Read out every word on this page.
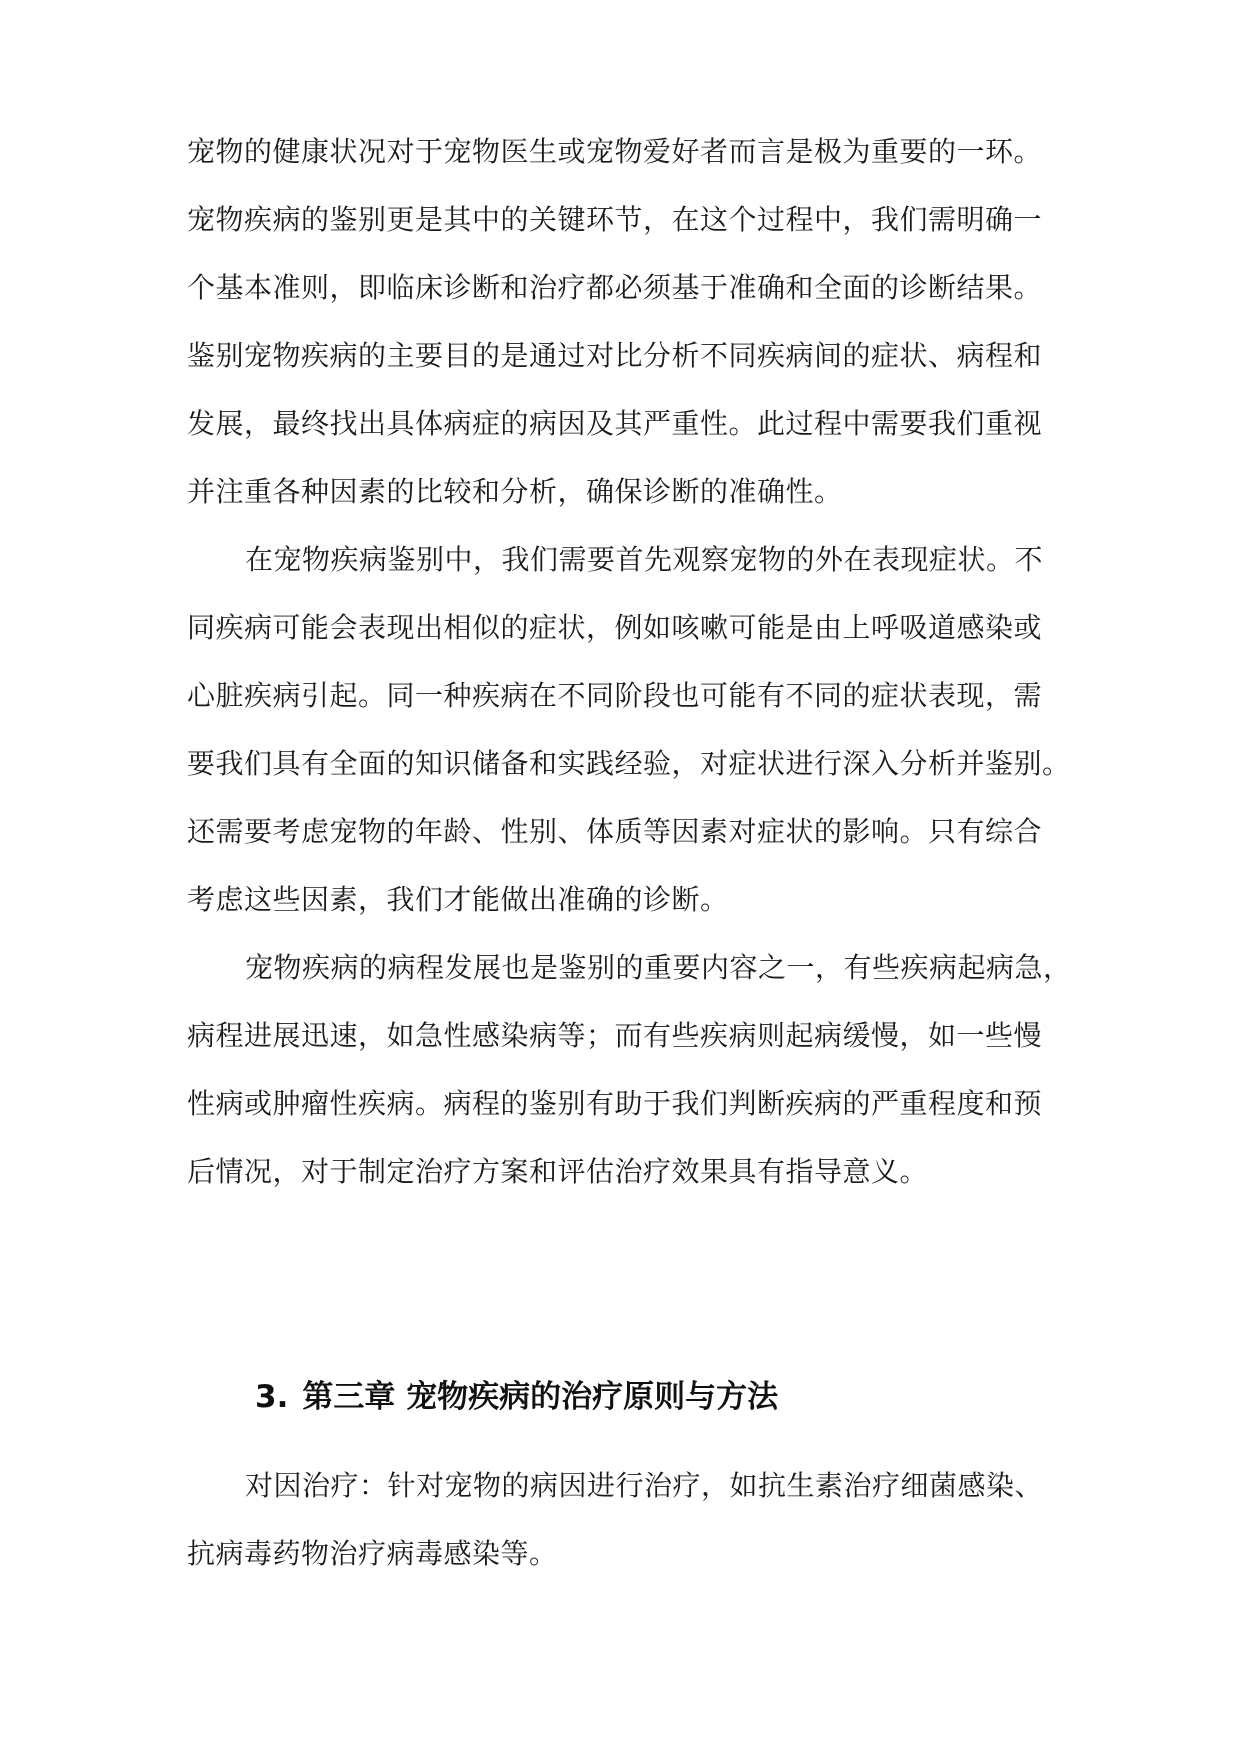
宠物的健康状况对于宠物医生或宠物爱好者而言是极为重要的一环。
宠物疾病的鉴别更是其中的关键环节，在这个过程中，我们需明确一
个基本准则，即临床诊断和治疗都必须基于准确和全面的诊断结果。
鉴别宠物疾病的主要目的是通过对比分析不同疾病间的症状、病程和
发展，最终找出具体病症的病因及其严重性。此过程中需要我们重视
并注重各种因素的比较和分析，确保诊断的准确性。
在宠物疾病鉴别中，我们需要首先观察宠物的外在表现症状。不
同疾病可能会表现出相似的症状，例如咳嗽可能是由上呼吸道感染或
心脏疾病引起。同一种疾病在不同阶段也可能有不同的症状表现，需
要我们具有全面的知识储备和实践经验，对症状进行深入分析并鉴别。
还需要考虑宠物的年龄、性别、体质等因素对症状的影响。只有综合
考虑这些因素，我们才能做出准确的诊断。
宠物疾病的病程发展也是鉴别的重要内容之一，有些疾病起病急，
病程进展迅速，如急性感染病等；而有些疾病则起病缓慢，如一些慢
性病或肿瘤性疾病。病程的鉴别有助于我们判断疾病的严重程度和预
后情况，对于制定治疗方案和评估治疗效果具有指导意义。
3. 第三章 宠物疾病的治疗原则与方法
对因治疗：针对宠物的病因进行治疗，如抗生素治疗细菌感染、
抗病毒药物治疗病毒感染等。
